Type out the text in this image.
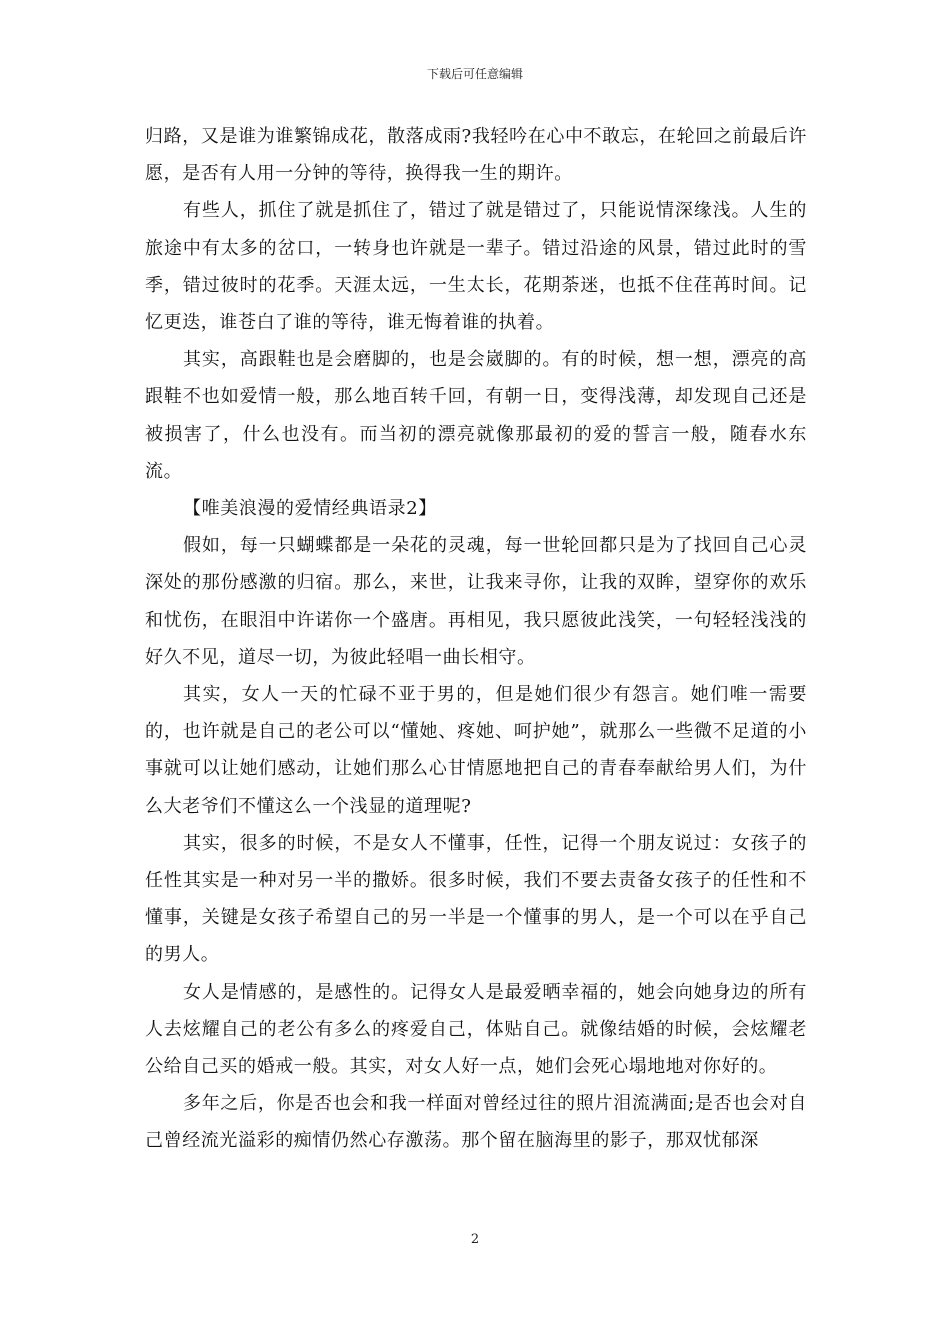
下载后可任意编辑

归路，又是谁为谁繁锦成花，散落成雨?我轻吟在心中不敢忘，在轮回之前最后许愿，是否有人用一分钟的等待，换得我一生的期许。

有些人，抓住了就是抓住了，错过了就是错过了，只能说情深缘浅。人生的旅途中有太多的岔口，一转身也许就是一辈子。错过沿途的风景，错过此时的雪季，错过彼时的花季。天涯太远，一生太长，花期荼迷，也抵不住荏苒时间。记忆更迭，谁苍白了谁的等待，谁无悔着谁的执着。

其实，高跟鞋也是会磨脚的，也是会崴脚的。有的时候，想一想，漂亮的高跟鞋不也如爱情一般，那么地百转千回，有朝一日，变得浅薄，却发现自己还是被损害了，什么也没有。而当初的漂亮就像那最初的爱的誓言一般，随春水东流。

【唯美浪漫的爱情经典语录2】

假如，每一只蝴蝶都是一朵花的灵魂，每一世轮回都只是为了找回自己心灵深处的那份感激的归宿。那么，来世，让我来寻你，让我的双眸，望穿你的欢乐和忧伤，在眼泪中许诺你一个盛唐。再相见，我只愿彼此浅笑，一句轻轻浅浅的好久不见，道尽一切，为彼此轻唱一曲长相守。

其实，女人一天的忙碌不亚于男的，但是她们很少有怨言。她们唯一需要的，也许就是自己的老公可以“懂她、疼她、呵护她”，就那么一些微不足道的小事就可以让她们感动，让她们那么心甘情愿地把自己的青春奉献给男人们，为什么大老爷们不懂这么一个浅显的道理呢?

其实，很多的时候，不是女人不懂事，任性，记得一个朋友说过：女孩子的任性其实是一种对另一半的撒娇。很多时候，我们不要去责备女孩子的任性和不懂事，关键是女孩子希望自己的另一半是一个懂事的男人，是一个可以在乎自己的男人。

女人是情感的，是感性的。记得女人是最爱晒幸福的，她会向她身边的所有人去炫耀自己的老公有多么的疼爱自己，体贴自己。就像结婚的时候，会炫耀老公给自己买的婚戒一般。其实，对女人好一点，她们会死心塌地地对你好的。

多年之后，你是否也会和我一样面对曾经过往的照片泪流满面;是否也会对自己曾经流光溢彩的痴情仍然心存激荡。那个留在脑海里的影子，那双忧郁深

2
